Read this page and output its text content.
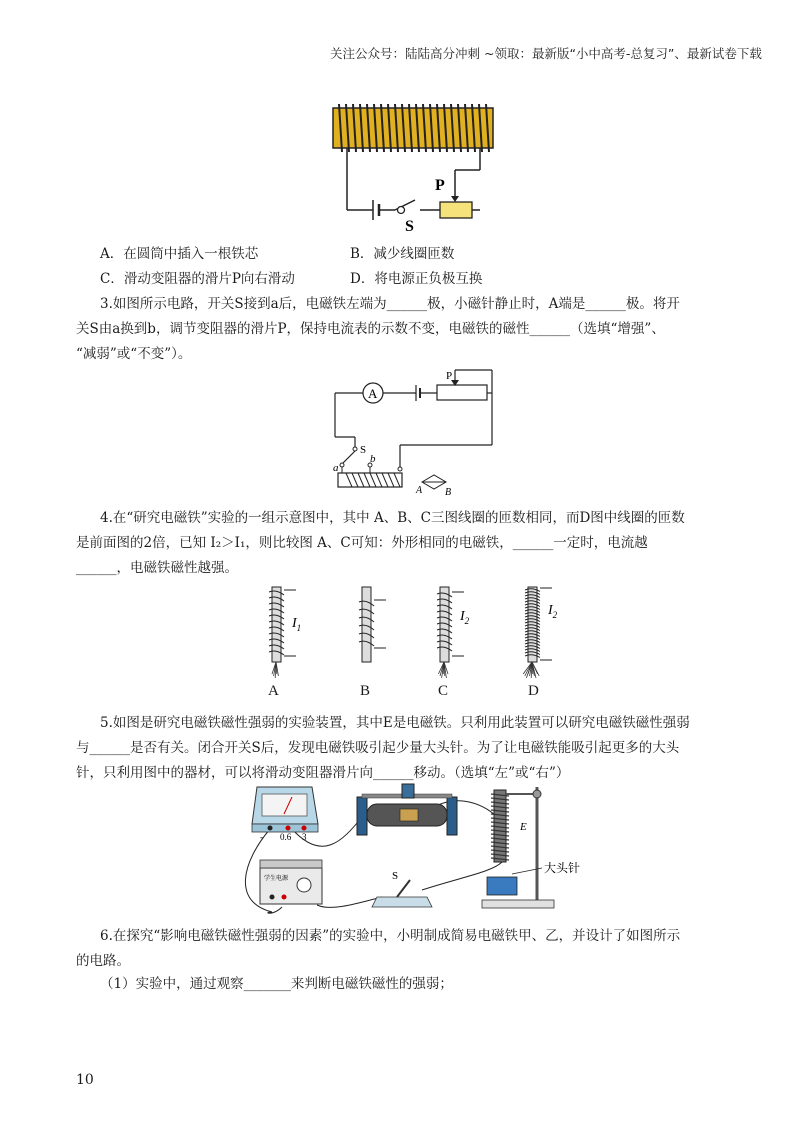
关注公众号：陆陆高分冲刺 ~领取：最新版“小中高考-总复习”、最新试卷下载
P
S
A．在圆筒中插入一根铁芯	B．减少线圈匝数
C．滑动变阻器的滑片P向右滑动	D．将电源正负极互换
3.如图所示电路，开关S接到a后，电磁铁左端为______极，小磁针静止时，A端是______极。将开
关S由a换到b，调节变阻器的滑片P，保持电流表的示数不变，电磁铁的磁性______（选填“增强”、
“减弱”或“不变”）。
A
P
S
a
b
A B
4.在“研究电磁铁”实验的一组示意图中，其中 A、B、C三图线圈的匝数相同，而D图中线圈的匝数
是前面图的2倍，已知 I₂＞I₁，则比较图 A、C可知：外形相同的电磁铁，______一定时，电流越
______，电磁铁磁性越强。
$I_1$
$I_2$
$I_2$
A	B	C	D
5.如图是研究电磁铁磁性强弱的实验装置，其中E是电磁铁。只利用此装置可以研究电磁铁磁性强弱
与______是否有关。闭合开关S后，发现电磁铁吸引起少量大头针。为了让电磁铁能吸引起更多的大头
针，只利用图中的器材，可以将滑动变阻器滑片向______移动。（选填“左”或“右”）
- 0.6 3
学生电源	S
E
大头针
6.在探究“影响电磁铁磁性强弱的因素”的实验中，小明制成简易电磁铁甲、乙，并设计了如图所示
的电路。
（1）实验中，通过观察_______来判断电磁铁磁性的强弱；
10
